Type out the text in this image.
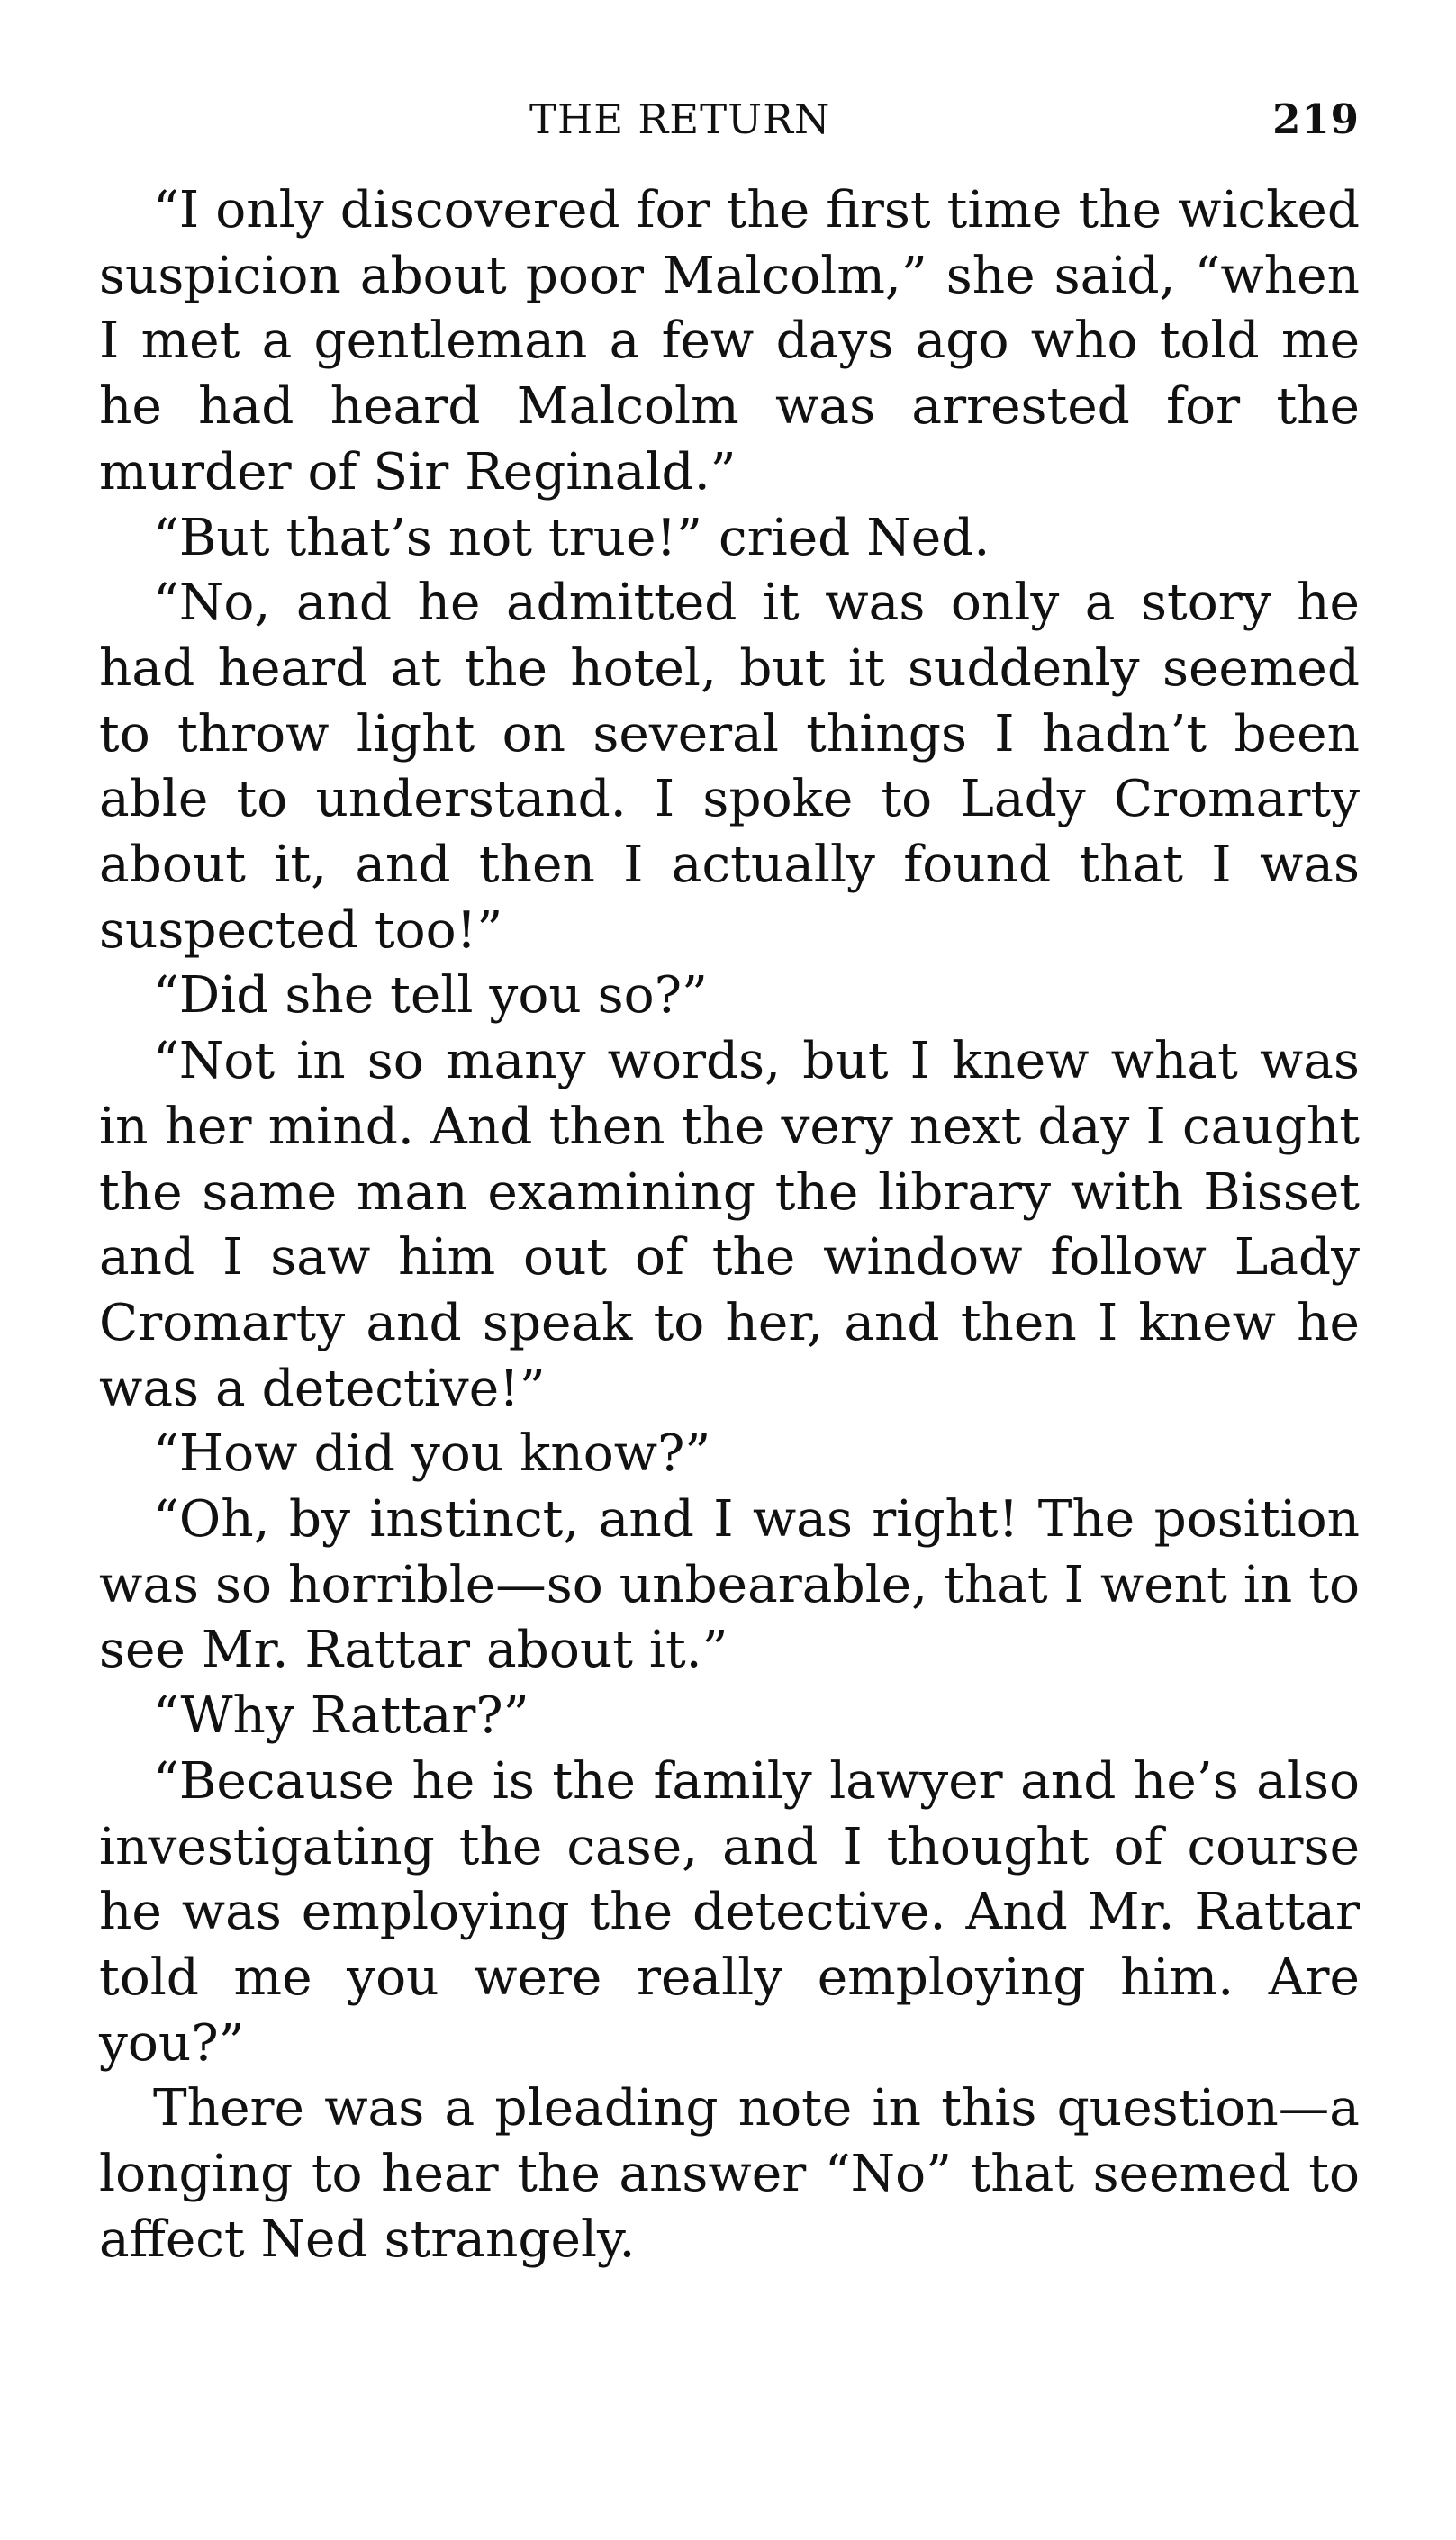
THE RETURN	219

“I only discovered for the first time the wicked suspicion about poor Malcolm,” she said, “when I met a gentleman a few days ago who told me he had heard Malcolm was arrested for the murder of Sir Reginald.”

“But that’s not true!” cried Ned.

“No, and he admitted it was only a story he had heard at the hotel, but it suddenly seemed to throw light on several things I hadn’t been able to understand. I spoke to Lady Cromarty about it, and then I actually found that I was suspected too!”

“Did she tell you so?”

“Not in so many words, but I knew what was in her mind. And then the very next day I caught the same man examining the library with Bisset and I saw him out of the window follow Lady Cromarty and speak to her, and then I knew he was a detective!”

“How did you know?”

“Oh, by instinct, and I was right! The position was so horrible—so unbearable, that I went in to see Mr. Rattar about it.”

“Why Rattar?”

“Because he is the family lawyer and he’s also investigating the case, and I thought of course he was employing the detective. And Mr. Rattar told me you were really employing him. Are you?”

There was a pleading note in this question—a longing to hear the answer “No” that seemed to affect Ned strangely.
